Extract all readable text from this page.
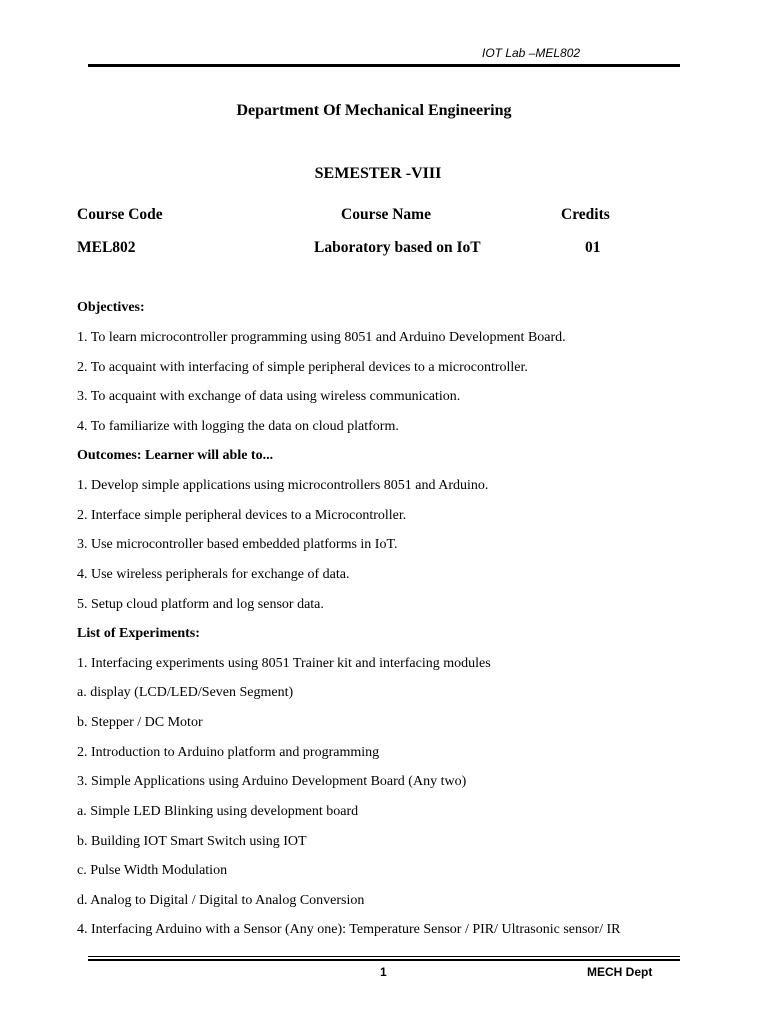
IOT Lab –MEL802
Department Of Mechanical Engineering
SEMESTER -VIII
Course Code	Course Name	Credits
MEL802	Laboratory based on IoT	01
Objectives:
1. To learn microcontroller programming using 8051 and Arduino Development Board.
2. To acquaint with interfacing of simple peripheral devices to a microcontroller.
3. To acquaint with exchange of data using wireless communication.
4. To familiarize with logging the data on cloud platform.
Outcomes: Learner will able to...
1. Develop simple applications using microcontrollers 8051 and Arduino.
2. Interface simple peripheral devices to a Microcontroller.
3. Use microcontroller based embedded platforms in IoT.
4. Use wireless peripherals for exchange of data.
5. Setup cloud platform and log sensor data.
List of Experiments:
1. Interfacing experiments using 8051 Trainer kit and interfacing modules
a. display (LCD/LED/Seven Segment)
b. Stepper / DC Motor
2. Introduction to Arduino platform and programming
3. Simple Applications using Arduino Development Board (Any two)
a. Simple LED Blinking using development board
b. Building IOT Smart Switch using IOT
c. Pulse Width Modulation
d. Analog to Digital / Digital to Analog Conversion
4. Interfacing Arduino with a Sensor (Any one): Temperature Sensor / PIR/ Ultrasonic sensor/ IR
1	MECH Dept
